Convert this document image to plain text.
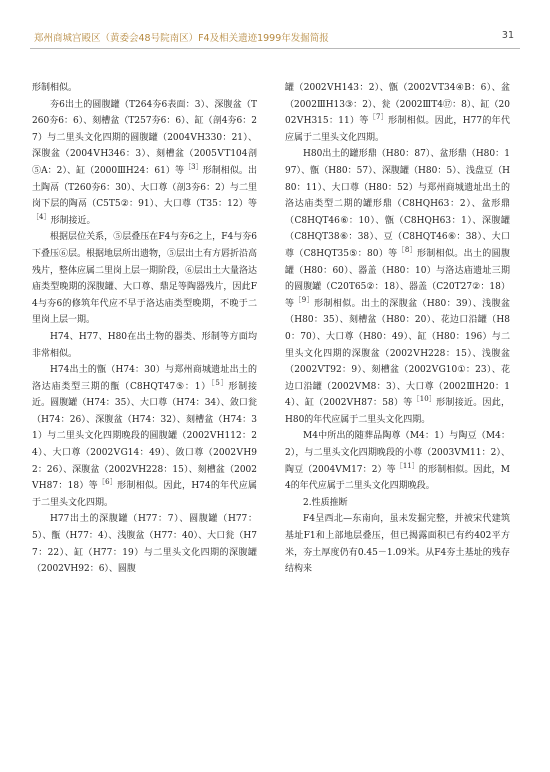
郑州商城宫殿区（黄委会48号院南区）F4及相关遗迹1999年发掘简报	31

形制相似。

夯6出土的圆腹罐（T264夯6表面：3）、深腹盆（T260夯6：6）、刻槽盆（T257夯6：6）、缸（剖4夯6：27）与二里头文化四期的圆腹罐（2004ⅤH330：21）、深腹盆（2004ⅤH346：3）、刻槽盆（2005ⅤT104剖⑤A：2）、缸（2000ⅢH24：61）等$^{[3]}$形制相似。出土陶鬲（T260夯6：30）、大口尊（剖3夯6：2）与二里岗下层的陶鬲（C5T5②：91）、大口尊（T35：12）等$^{[4]}$形制接近。

根据层位关系，⑤层叠压在F4与夯6之上，F4与夯6下叠压⑥层。根据地层所出遗物，⑤层出土有方唇折沿高残片，整体应属二里岗上层一期阶段，⑥层出土大量洛达庙类型晚期的深腹罐、大口尊、鼎足等陶器残片，因此F4与夯6的修筑年代应不早于洛达庙类型晚期，不晚于二里岗上层一期。

H74、H77、H80在出土物的器类、形制等方面均非常相似。

H74出土的甑（H74：30）与郑州商城遗址出土的洛达庙类型三期的甑（C8HQT47⑤：1）$^{[5]}$形制接近。圆腹罐（H74：35）、大口尊（H74：34）、敛口瓮（H74：26）、深腹盆（H74：32）、刻槽盆（H74：31）与二里头文化四期晚段的圆腹罐（2002ⅤH112：24）、大口尊（2002ⅤG14：49）、敛口尊（2002ⅤH92：26）、深腹盆（2002ⅤH228：15）、刻槽盆（2002ⅤH87：18）等$^{[6]}$形制相似。因此，H74的年代应属于二里头文化四期。

H77出土的深腹罐（H77：7）、圆腹罐（H77：5）、甑（H77：4）、浅腹盆（H77：40）、大口瓮（H77：22）、缸（H77：19）与二里头文化四期的深腹罐（2002ⅤH92：6）、圆腹

罐（2002ⅤH143：2）、甑（2002ⅤT34④B：6）、盆（2002ⅢH13③：2）、瓮（2002ⅢT4⑰：8）、缸（2002ⅤH315：11）等$^{[7]}$形制相似。因此，H77的年代应属于二里头文化四期。

H80出土的罐形鼎（H80：87）、盆形鼎（H80：197）、甑（H80：57）、深腹罐（H80：5）、浅盘豆（H80：11）、大口尊（H80：52）与郑州商城遗址出土的洛达庙类型二期的罐形鼎（C8HQH63：2）、盆形鼎（C8HQT46⑥：10）、甑（C8HQH63：1）、深腹罐（C8HQT38⑥：38）、豆（C8HQT46⑥：38）、大口尊（C8HQT35⑤：80）等$^{[8]}$形制相似。出土的圆腹罐（H80：60）、器盖（H80：10）与洛达庙遗址三期的圆腹罐（C20T65②：18）、器盖（C20T27②：18）等$^{[9]}$形制相似。出土的深腹盆（H80：39）、浅腹盆（H80：35）、刻槽盆（H80：20）、花边口沿罐（H80：70）、大口尊（H80：49）、缸（H80：196）与二里头文化四期的深腹盆（2002ⅤH228：15）、浅腹盆（2002ⅤT92：9）、刻槽盆（2002ⅤG10①：23）、花边口沿罐（2002ⅤM8：3）、大口尊（2002ⅢH20：14）、缸（2002ⅤH87：58）等$^{[10]}$形制接近。因此，H80的年代应属于二里头文化四期。

M4中所出的随葬品陶尊（M4：1）与陶豆（M4：2），与二里头文化四期晚段的小尊（2003ⅤM11：2）、陶豆（2004ⅤM17：2）等$^{[11]}$的形制相似。因此，M4的年代应属于二里头文化四期晚段。

2.性质推断

F4呈西北—东南向，虽未发掘完整，并被宋代建筑基址F1和上部地层叠压，但已揭露面积已有约402平方米，夯土厚度仍有0.45－1.09米。从F4夯土基址的残存结构来
